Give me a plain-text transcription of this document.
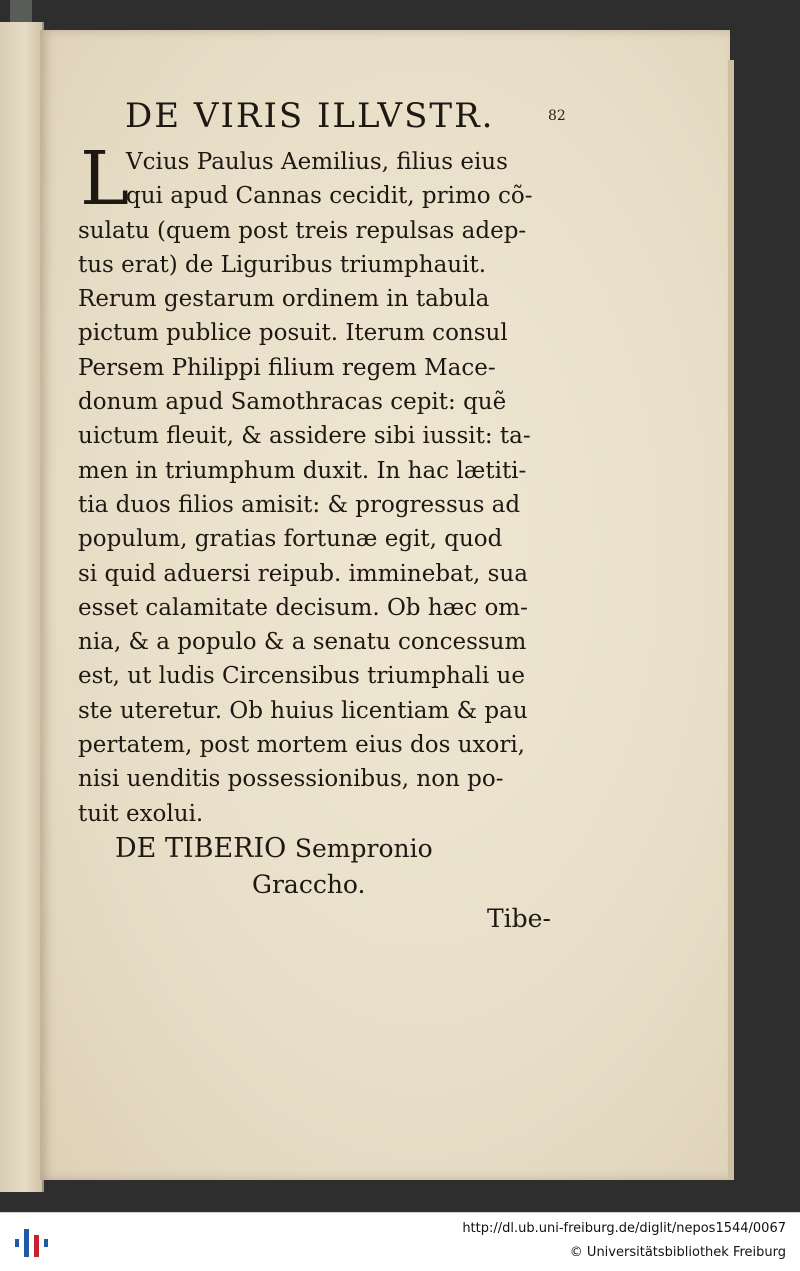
DE VIRIS ILLVSTR.	82
L
Vcius Paulus Aemilius, filius eius
qui apud Cannas cecidit, primo cõ-
sulatu (quem post treis repulsas adep-
tus erat) de Liguribus triumphauit.
Rerum gestarum ordinem in tabula
pictum publice posuit. Iterum consul
Persem Philippi filium regem Mace-
donum apud Samothracas cepit: quẽ
uictum fleuit, & assidere sibi iussit: ta-
men in triumphum duxit. In hac lætiti-
tia duos filios amisit: & progressus ad
populum, gratias fortunæ egit, quod
si quid aduersi reipub. imminebat, sua
esset calamitate decisum. Ob hæc om-
nia, & a populo & a senatu concessum
est, ut ludis Circensibus triumphali ue
ste uteretur. Ob huius licentiam & pau
pertatem, post mortem eius dos uxori,
nisi uenditis possessionibus, non po-
tuit exolui.
DE TIBERIO Sempronio
Graccho.
Tibe-
http://dl.ub.uni-freiburg.de/diglit/nepos1544/0067
© Universitätsbibliothek Freiburg
